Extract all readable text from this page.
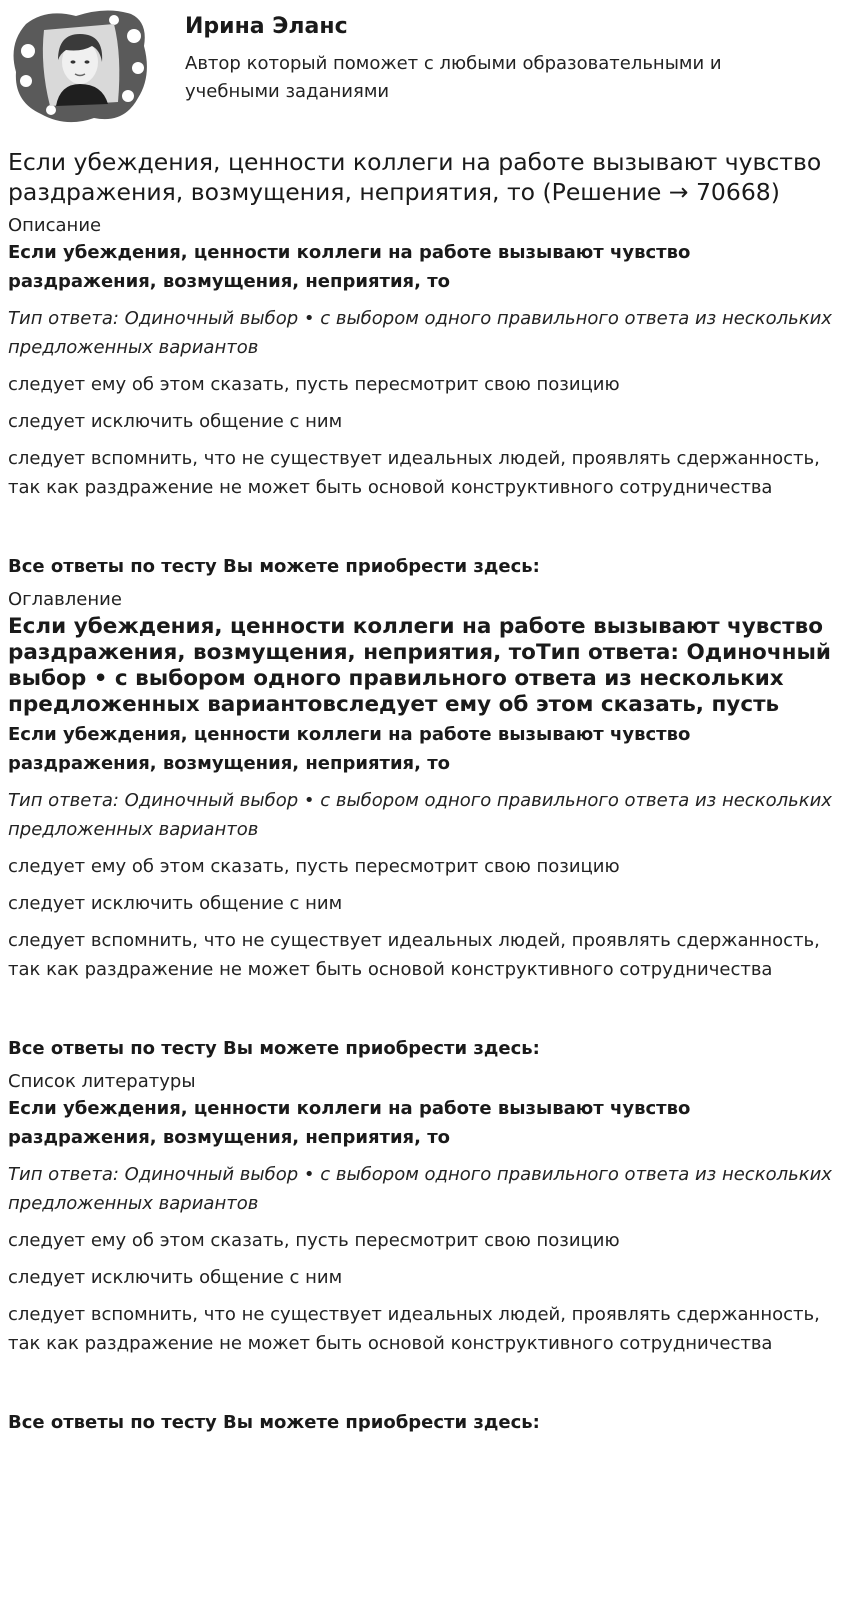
Ирина Эланс

Автор который поможет с любыми образовательными и учебными заданиями

Если убеждения, ценности коллеги на работе вызывают чувство раздражения, возмущения, неприятия, то (Решение → 70668)
Описание

Если убеждения, ценности коллеги на работе вызывают чувство раздражения, возмущения, неприятия, то

Тип ответа: Одиночный выбор • с выбором одного правильного ответа из нескольких предложенных вариантов

следует ему об этом сказать, пусть пересмотрит свою позицию

следует исключить общение с ним

следует вспомнить, что не существует идеальных людей, проявлять сдержанность, так как раздражение не может быть основой конструктивного сотрудничества

Все ответы по тесту Вы можете приобрести здесь:

Оглавление
Если убеждения, ценности коллеги на работе вызывают чувство раздражения, возмущения, неприятия, тоТип ответа: Одиночный выбор • с выбором одного правильного ответа из нескольких предложенных вариантовследует ему об этом сказать, пусть

Если убеждения, ценности коллеги на работе вызывают чувство раздражения, возмущения, неприятия, то

Тип ответа: Одиночный выбор • с выбором одного правильного ответа из нескольких предложенных вариантов

следует ему об этом сказать, пусть пересмотрит свою позицию

следует исключить общение с ним

следует вспомнить, что не существует идеальных людей, проявлять сдержанность, так как раздражение не может быть основой конструктивного сотрудничества

Все ответы по тесту Вы можете приобрести здесь:

Список литературы

Если убеждения, ценности коллеги на работе вызывают чувство раздражения, возмущения, неприятия, то

Тип ответа: Одиночный выбор • с выбором одного правильного ответа из нескольких предложенных вариантов

следует ему об этом сказать, пусть пересмотрит свою позицию

следует исключить общение с ним

следует вспомнить, что не существует идеальных людей, проявлять сдержанность, так как раздражение не может быть основой конструктивного сотрудничества

Все ответы по тесту Вы можете приобрести здесь:
